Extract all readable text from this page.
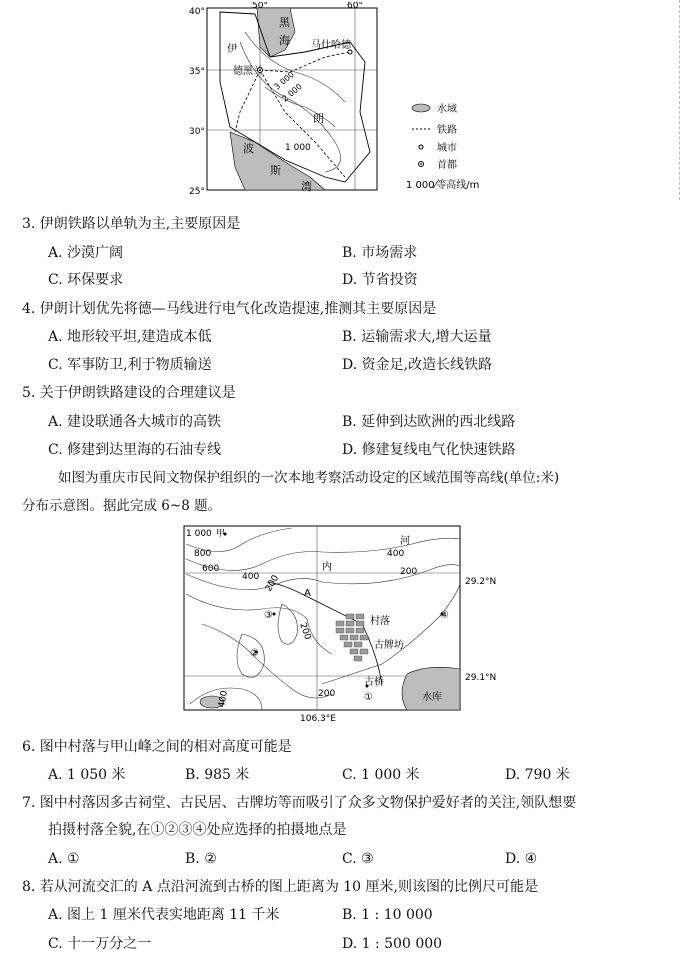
40°
35°
30°
25°
50°	60°
黑
海 马什哈德
德黑兰
伊
2 000
3 000
朗
1 000
波
斯
湾
水域
铁路
城市
首都
1 000⁄等高线/m
3. 伊朗铁路以单轨为主,主要原因是
A. 沙漠广阔	B. 市场需求
C. 环保要求	D. 节省投资
4. 伊朗计划优先将德—马线进行电气化改造提速,推测其主要原因是
A. 地形较平坦,建造成本低	B. 运输需求大,增大运量
C. 军事防卫,利于物质输送	D. 资金足,改造长线铁路
5. 关于伊朗铁路建设的合理建议是
A. 建设联通各大城市的高铁	B. 延伸到达欧洲的西北线路
C. 修建到达里海的石油专线	D. 修建复线电气化快速铁路
如图为重庆市民间文物保护组织的一次本地考察活动设定的区域范围等高线(单位:米)
分布示意图。据此完成 6~8 题。
1 000 甲
800
600
400 200 A
内
河
400
200
29.2°N
③
200
②
村落
④
古牌坊
29.1°N
古桥
①	水库
200
400
106.3°E
6. 图中村落与甲山峰之间的相对高度可能是
A. 1 050 米	B. 985 米	C. 1 000 米	D. 790 米
7. 图中村落因多古祠堂、古民居、古牌坊等而吸引了众多文物保护爱好者的关注,领队想要
拍摄村落全貌,在①②③④处应选择的拍摄地点是
A. ①	B. ②	C. ③	D. ④
8. 若从河流交汇的 A 点沿河流到古桥的图上距离为 10 厘米,则该图的比例尺可能是
A. 图上 1 厘米代表实地距离 11 千米	B. 1 : 10 000
C. 十一万分之一	D. 1 : 500 000
